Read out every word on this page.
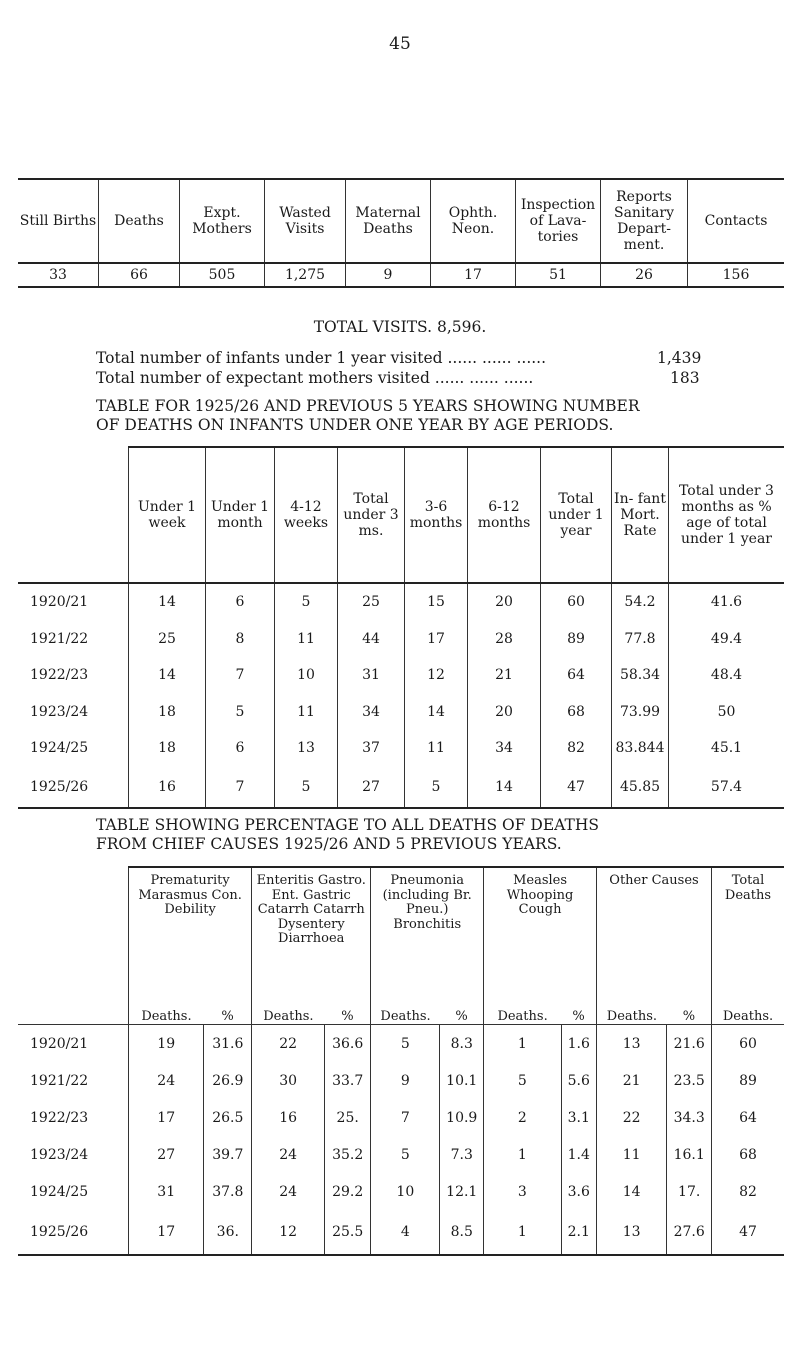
45
Still Births	Deaths	Expt. Mothers	Wasted Visits	Maternal Deaths	Ophth. Neon.	Inspection of Lava- tories	Reports Sanitary Depart- ment.	Contacts
33	66	505	1,275	9	17	51	26	156
TOTAL VISITS. 8,596.
Total number of infants under 1 year visited ...... ...... ......	1,439
Total number of expectant mothers visited ...... ...... ......	183
TABLE FOR 1925/26 AND PREVIOUS 5 YEARS SHOWING NUMBER
OF DEATHS ON INFANTS UNDER ONE YEAR BY AGE PERIODS.
	Under 1 week	Under 1 month	4-12 weeks	Total under 3 ms.	3-6 months	6-12 months	Total under 1 year	In- fant Mort. Rate	Total under 3 months as % age of total under 1 year
1920/21	14	6	5	25	15	20	60	54.2	41.6
1921/22	25	8	11	44	17	28	89	77.8	49.4
1922/23	14	7	10	31	12	21	64	58.34	48.4
1923/24	18	5	11	34	14	20	68	73.99	50
1924/25	18	6	13	37	11	34	82	83.844	45.1
1925/26	16	7	5	27	5	14	47	45.85	57.4
TABLE SHOWING PERCENTAGE TO ALL DEATHS OF DEATHS
FROM CHIEF CAUSES 1925/26 AND 5 PREVIOUS YEARS.
	Prematurity Marasmus Con. Debility		Enteritis Gastro. Ent. Gastric Catarrh Catarrh Dysentery Diarrhoea		Pneumonia (including Br. Pneu.) Bronchitis		Measles Whooping Cough		Other Causes		Total Deaths
	Deaths.	%	Deaths.	%	Deaths.	%	Deaths.	%	Deaths.	%	Deaths.
1920/21	19	31.6	22	36.6	5	8.3	1	1.6	13	21.6	60
1921/22	24	26.9	30	33.7	9	10.1	5	5.6	21	23.5	89
1922/23	17	26.5	16	25.	7	10.9	2	3.1	22	34.3	64
1923/24	27	39.7	24	35.2	5	7.3	1	1.4	11	16.1	68
1924/25	31	37.8	24	29.2	10	12.1	3	3.6	14	17.	82
1925/26	17	36.	12	25.5	4	8.5	1	2.1	13	27.6	47
